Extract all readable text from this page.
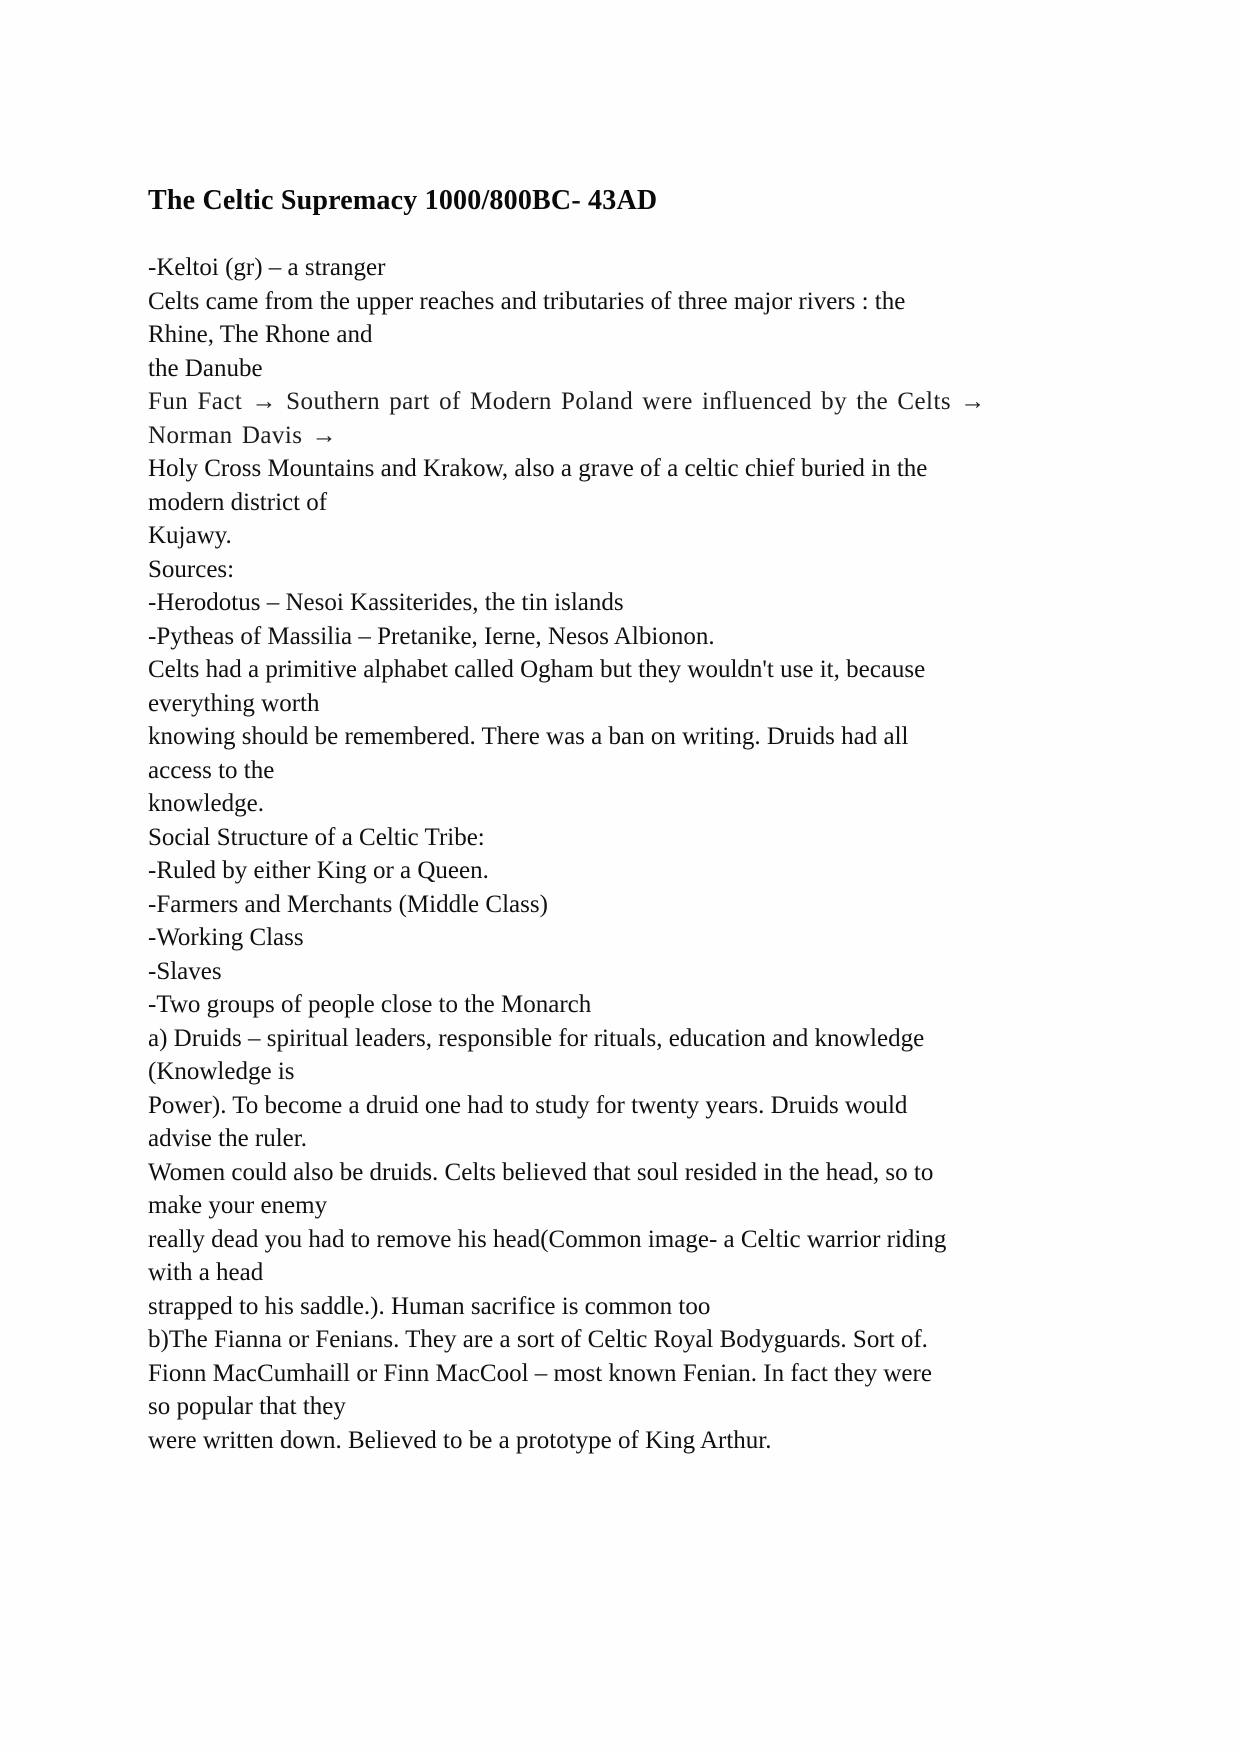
The Celtic Supremacy 1000/800BC- 43AD
-Keltoi (gr) – a stranger
Celts came from the upper reaches and tributaries of three major rivers : the
Rhine, The Rhone and
the Danube
Fun Fact → Southern part of Modern Poland were influenced by the Celts →
Norman Davis →
Holy Cross Mountains and Krakow, also a grave of a celtic chief buried in the
modern district of
Kujawy.
Sources:
-Herodotus – Nesoi Kassiterides, the tin islands
-Pytheas of Massilia – Pretanike, Ierne, Nesos Albionon.
Celts had a primitive alphabet called Ogham but they wouldn't use it, because
everything worth
knowing should be remembered. There was a ban on writing. Druids had all
access to the
knowledge.
Social Structure of a Celtic Tribe:
-Ruled by either King or a Queen.
-Farmers and Merchants (Middle Class)
-Working Class
-Slaves
-Two groups of people close to the Monarch
a) Druids – spiritual leaders, responsible for rituals, education and knowledge
(Knowledge is
Power). To become a druid one had to study for twenty years. Druids would
advise the ruler.
Women could also be druids. Celts believed that soul resided in the head, so to
make your enemy
really dead you had to remove his head(Common image- a Celtic warrior riding
with a head
strapped to his saddle.). Human sacrifice is common too
b)The Fianna or Fenians. They are a sort of Celtic Royal Bodyguards. Sort of.
Fionn MacCumhaill or Finn MacCool – most known Fenian. In fact they were
so popular that they
were written down. Believed to be a prototype of King Arthur.
